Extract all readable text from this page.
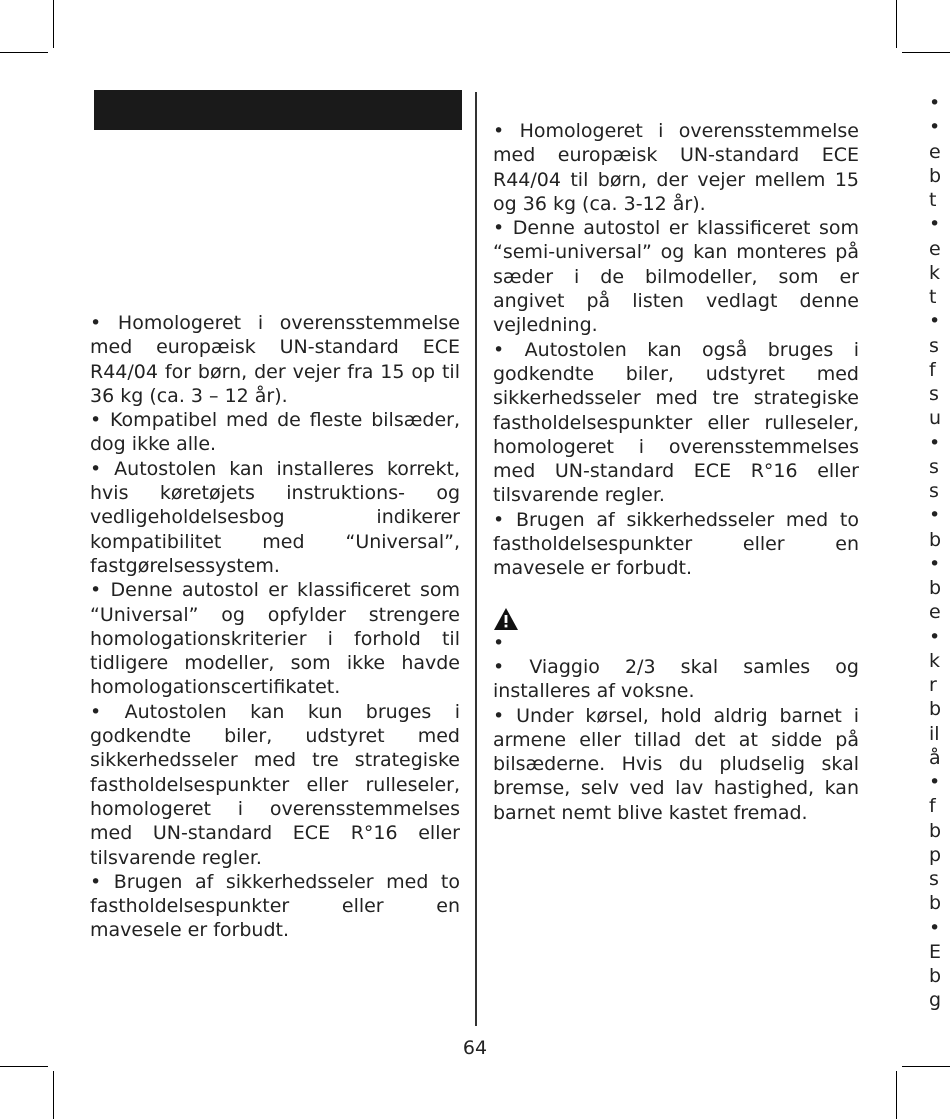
• Homologeret i overensstemmelse med europæisk UN-standard ECE R44/04 for børn, der vejer fra 15 op til 36 kg (ca. 3 – 12 år).

• Kompatibel med de fleste bilsæder, dog ikke alle.

• Autostolen kan installeres korrekt, hvis køretøjets instruktions- og vedligeholdelsesbog indikerer kompatibilitet med “Universal”, fastgørelsessystem.

• Denne autostol er klassificeret som “Universal” og opfylder strengere homologationskriterier i forhold til tidligere modeller, som ikke havde homologationscertifikatet.

• Autostolen kan kun bruges i godkendte biler, udstyret med sikkerhedsseler med tre strategiske fastholdelsespunkter eller rulleseler, homologeret i overensstemmelses med UN-standard ECE R°16 eller tilsvarende regler.

• Brugen af sikkerhedsseler med to fastholdelsespunkter eller en mavesele er forbudt.

• Homologeret i overensstemmelse med europæisk UN-standard ECE R44/04 til børn, der vejer mellem 15 og 36 kg (ca. 3-12 år).

• Denne autostol er klassificeret som “semi-universal” og kan monteres på sæder i de bilmodeller, som er angivet på listen vedlagt denne vejledning.

• Autostolen kan også bruges i godkendte biler, udstyret med sikkerhedsseler med tre strategiske fastholdelsespunkter eller rulleseler, homologeret i overensstemmelses med UN-standard ECE R°16 eller tilsvarende regler.

• Brugen af sikkerhedsseler med to fastholdelsespunkter eller en mavesele er forbudt.

•

• Viaggio 2/3 skal samles og installeres af voksne.

• Under kørsel, hold aldrig barnet i armene eller tillad det at sidde på bilsæderne. Hvis du pludselig skal bremse, selv ved lav hastighed, kan barnet nemt blive kastet fremad.

•
•
e
b
t
•
e
k
t
•
s
f
s
u
•
s
s
•
b
•
b
e
•
k
r
b
il
å
•
f
b
p
s
b
•
E
b
g
64
